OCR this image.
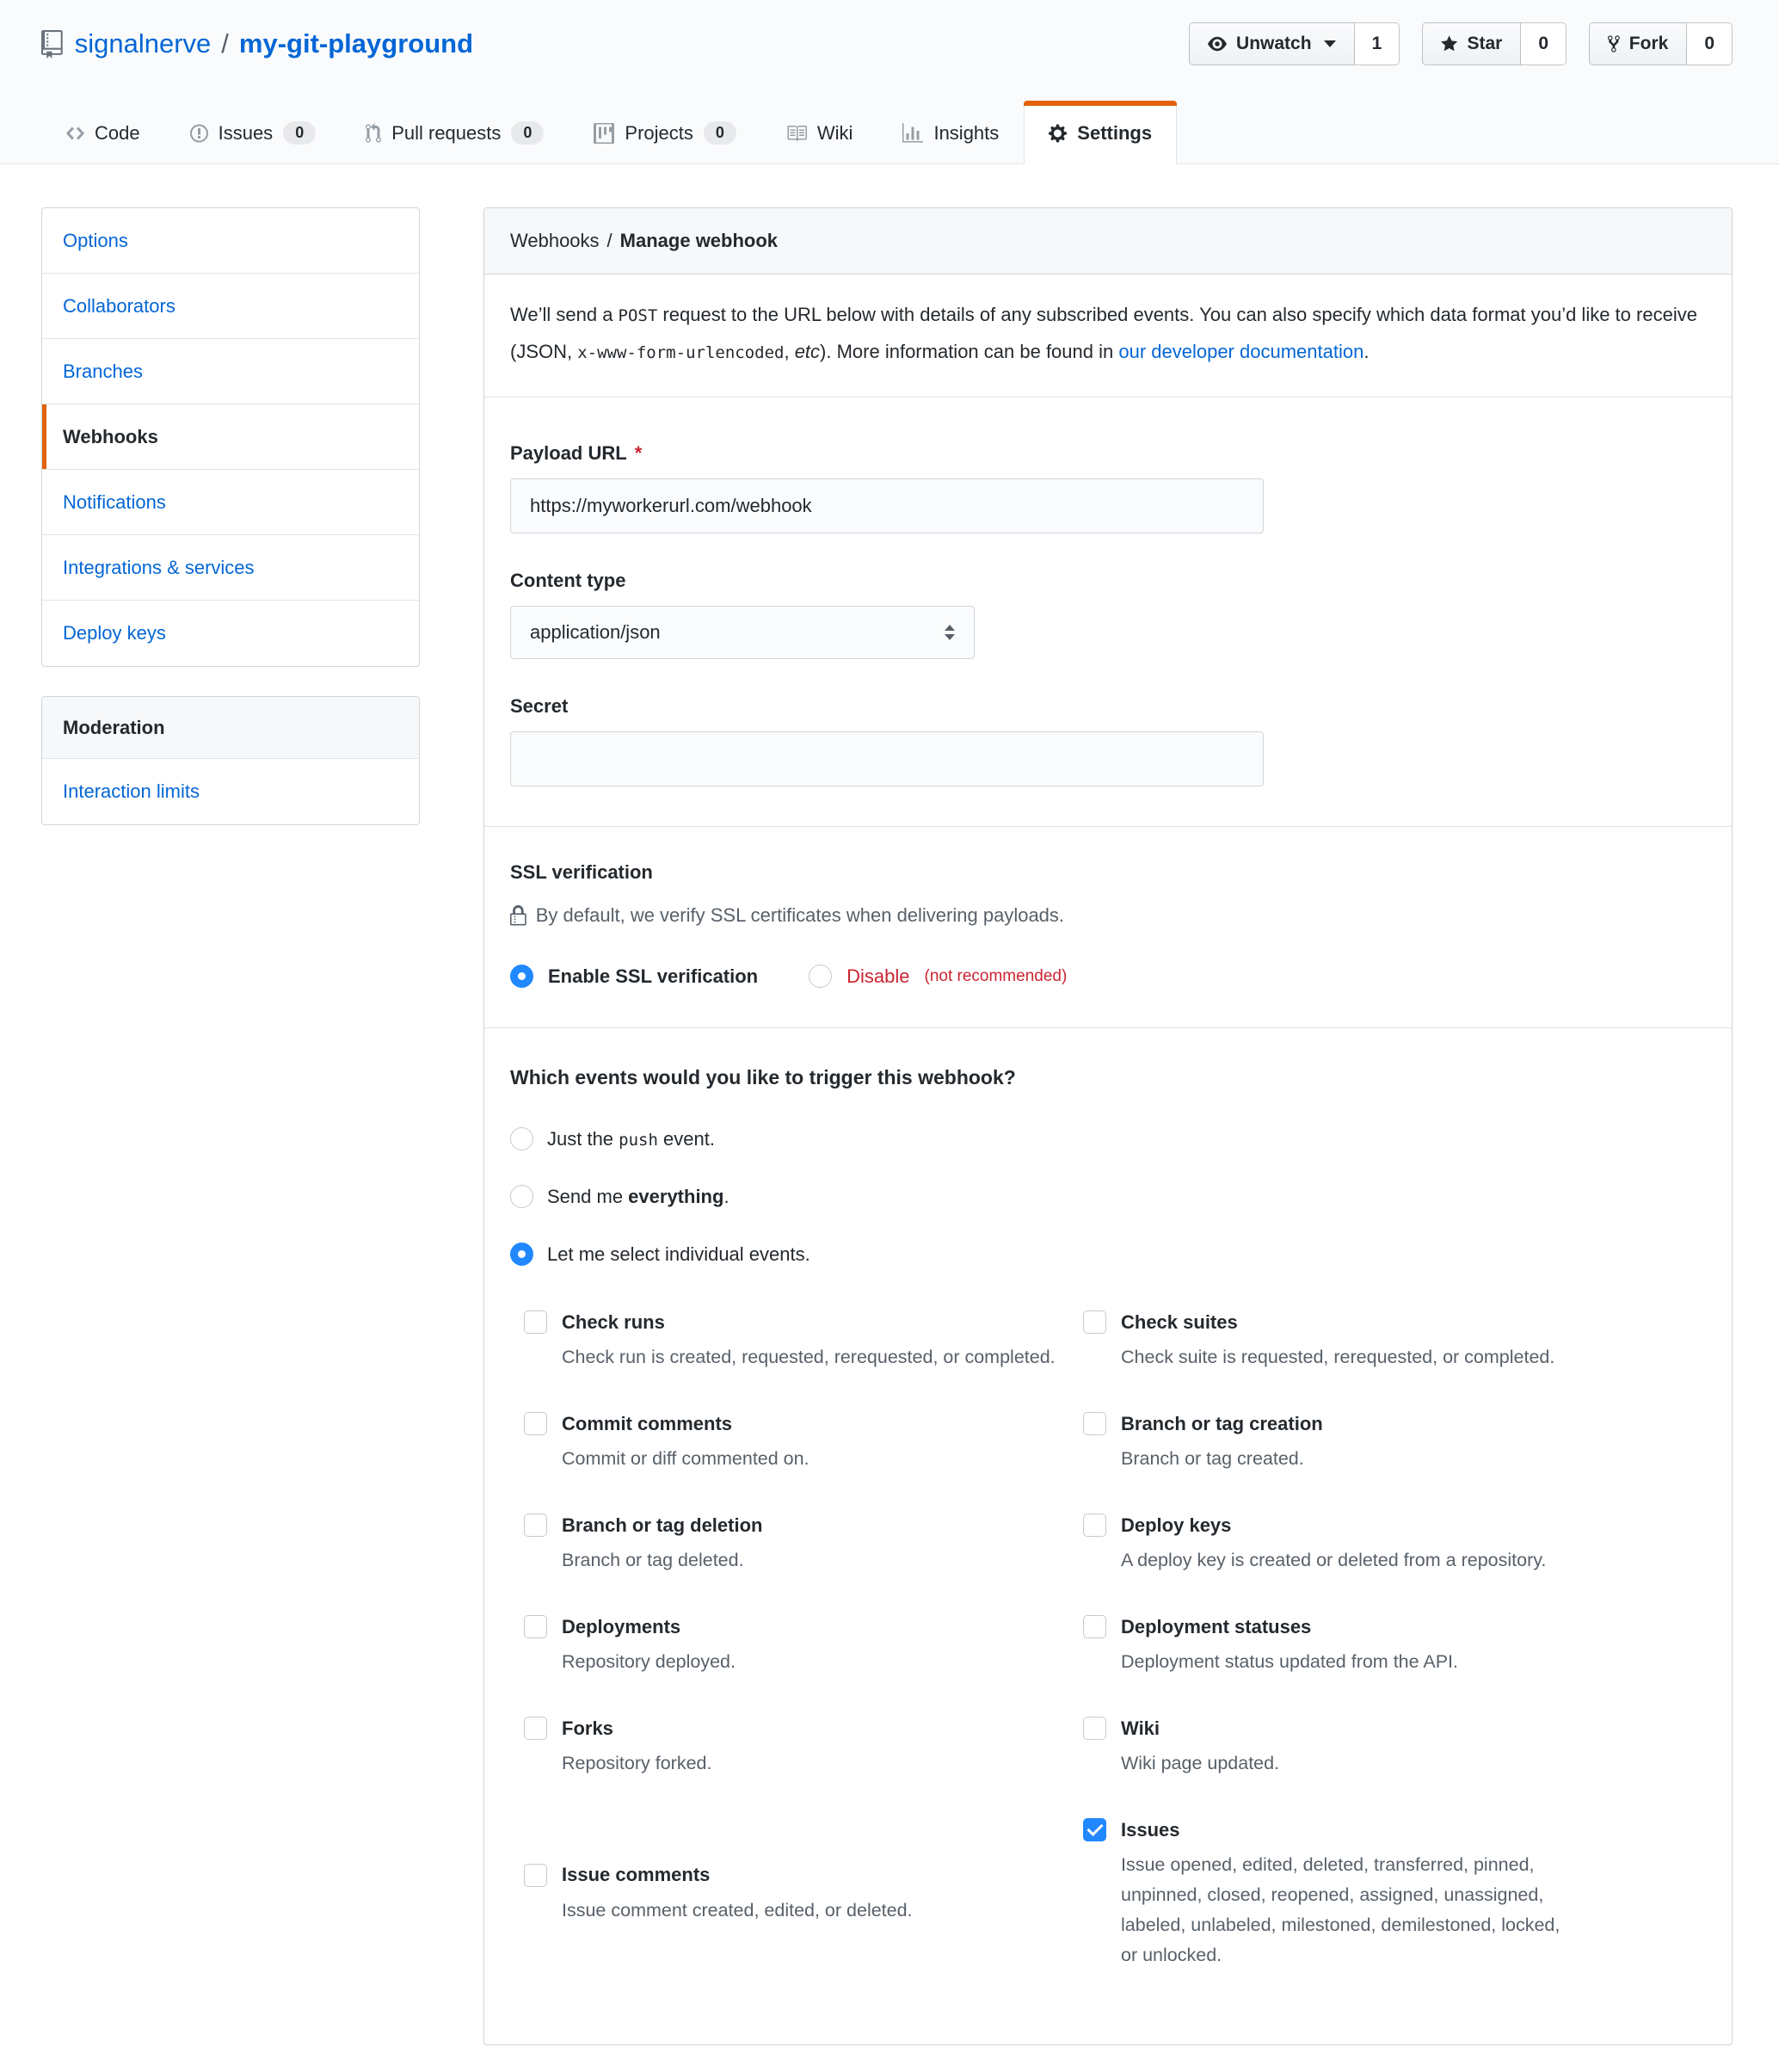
signalnerve / my-git-playground	Unwatch	1	Star	0	Fork	0
Code	Issues	0	Pull requests	0	Projects	0	Wiki	Insights	Settings
Options
Collaborators
Branches
Webhooks
Notifications
Integrations & services
Deploy keys
Moderation
Interaction limits
Webhooks / Manage webhook
We’ll send a POST request to the URL below with details of any subscribed events. You can also specify which data format you’d like to receive (JSON, x-www-form-urlencoded, etc). More information can be found in our developer documentation.
Payload URL *
https://myworkerurl.com/webhook
Content type
application/json
Secret
SSL verification
By default, we verify SSL certificates when delivering payloads.
Enable SSL verification	Disable (not recommended)
Which events would you like to trigger this webhook?
Just the push event.
Send me everything.
Let me select individual events.
Check runs
Check run is created, requested, rerequested, or completed.
Check suites
Check suite is requested, rerequested, or completed.
Commit comments
Commit or diff commented on.
Branch or tag creation
Branch or tag created.
Branch or tag deletion
Branch or tag deleted.
Deploy keys
A deploy key is created or deleted from a repository.
Deployments
Repository deployed.
Deployment statuses
Deployment status updated from the API.
Forks
Repository forked.
Wiki
Wiki page updated.
Issue comments
Issue comment created, edited, or deleted.
Issues
Issue opened, edited, deleted, transferred, pinned, unpinned, closed, reopened, assigned, unassigned, labeled, unlabeled, milestoned, demilestoned, locked, or unlocked.
